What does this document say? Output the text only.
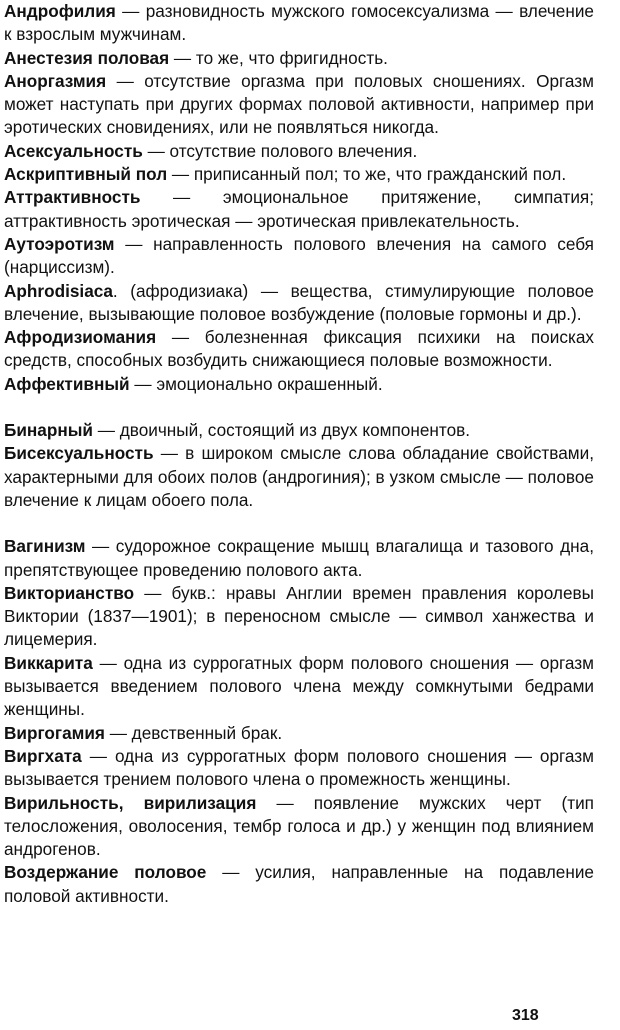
Андрофилия — разновидность мужского гомосексуализма — влечение к взрослым мужчинам.

Анестезия половая — то же, что фригидность.

Аноргазмия — отсутствие оргазма при половых сношениях. Оргазм может наступать при других формах половой активности, например при эротических сновидениях, или не появляться никогда.

Асексуальность — отсутствие полового влечения.

Аскриптивный пол — приписанный пол; то же, что гражданский пол.

Аттрактивность — эмоциональное притяжение, симпатия; аттрактивность эротическая — эротическая привлекательность.

Аутоэротизм — направленность полового влечения на самого себя (нарциссизм).

Aphrodisiaca. (афродизиака) — вещества, стимулирующие половое влечение, вызывающие половое возбуждение (половые гормоны и др.).

Афродизиомания — болезненная фиксация психики на поисках средств, способных возбудить снижающиеся половые возможности.

Аффективный — эмоционально окрашенный.

Бинарный — двоичный, состоящий из двух компонентов.

Бисексуальность — в широком смысле слова обладание свойствами, характерными для обоих полов (андрогиния); в узком смысле — половое влечение к лицам обоего пола.

Вагинизм — судорожное сокращение мышц влагалища и тазового дна, препятствующее проведению полового акта.

Викторианство — букв.: нравы Англии времен правления королевы Виктории (1837—1901); в переносном смысле — символ ханжества и лицемерия.

Виккарита — одна из суррогатных форм полового сношения — оргазм вызывается введением полового члена между сомкнутыми бедрами женщины.

Виргогамия — девственный брак.

Виргхата — одна из суррогатных форм полового сношения — оргазм вызывается трением полового члена о промежность женщины.

Вирильность, вирилизация — появление мужских черт (тип телосложения, оволосения, тембр голоса и др.) у женщин под влиянием андрогенов.

Воздержание половое — усилия, направленные на подавление половой активности.

318
